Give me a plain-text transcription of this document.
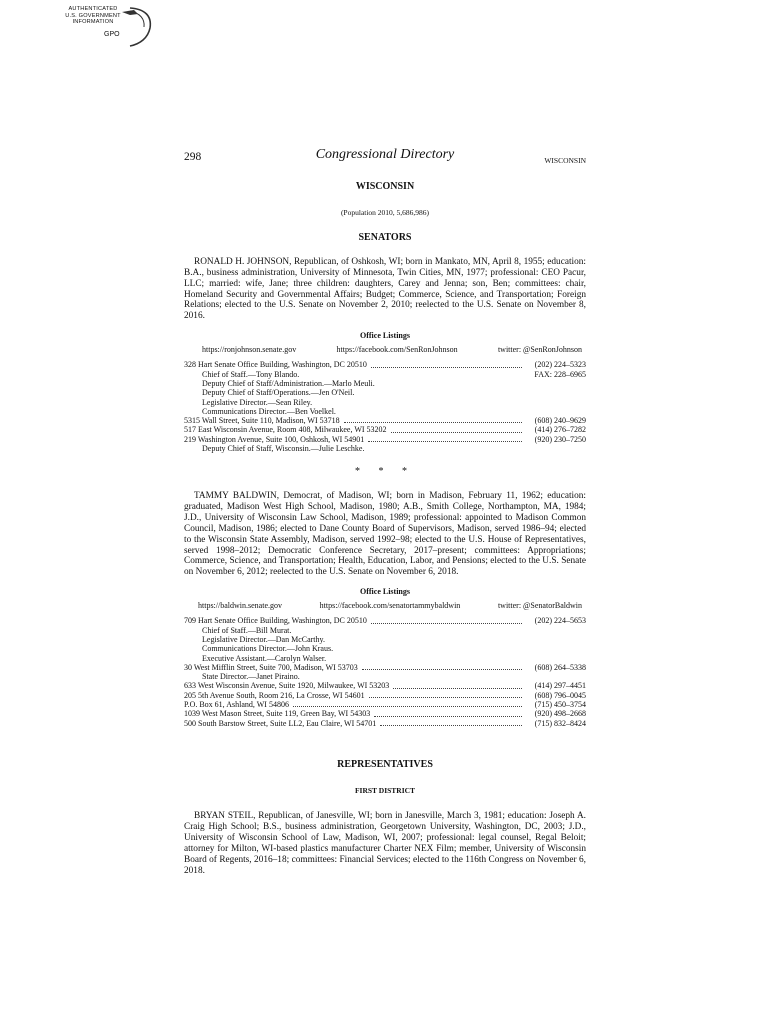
AUTHENTICATED
U.S. GOVERNMENT
INFORMATION
GPO
298	Congressional Directory	WISCONSIN
WISCONSIN
(Population 2010, 5,686,986)
SENATORS
RONALD H. JOHNSON, Republican, of Oshkosh, WI; born in Mankato, MN, April 8, 1955; education: B.A., business administration, University of Minnesota, Twin Cities, MN, 1977; professional: CEO Pacur, LLC; married: wife, Jane; three children: daughters, Carey and Jenna; son, Ben; committees: chair, Homeland Security and Governmental Affairs; Budget; Commerce, Science, and Transportation; Foreign Relations; elected to the U.S. Senate on November 2, 2010; reelected to the U.S. Senate on November 8, 2016.
Office Listings
https://ronjohnson.senate.gov	https://facebook.com/SenRonJohnson	twitter: @SenRonJohnson
328 Hart Senate Office Building, Washington, DC 20510	(202) 224–5323
Chief of Staff.—Tony Blando.	FAX: 228–6965
Deputy Chief of Staff/Administration.—Marlo Meuli.
Deputy Chief of Staff/Operations.—Jen O'Neil.
Legislative Director.—Sean Riley.
Communications Director.—Ben Voelkel.
5315 Wall Street, Suite 110, Madison, WI 53718	(608) 240–9629
517 East Wisconsin Avenue, Room 408, Milwaukee, WI 53202	(414) 276–7282
219 Washington Avenue, Suite 100, Oshkosh, WI 54901	(920) 230–7250
Deputy Chief of Staff, Wisconsin.—Julie Leschke.
* * *
TAMMY BALDWIN, Democrat, of Madison, WI; born in Madison, February 11, 1962; education: graduated, Madison West High School, Madison, 1980; A.B., Smith College, Northampton, MA, 1984; J.D., University of Wisconsin Law School, Madison, 1989; professional: appointed to Madison Common Council, Madison, 1986; elected to Dane County Board of Supervisors, Madison, served 1986–94; elected to the Wisconsin State Assembly, Madison, served 1992–98; elected to the U.S. House of Representatives, served 1998–2012; Democratic Conference Secretary, 2017–present; committees: Appropriations; Commerce, Science, and Transportation; Health, Education, Labor, and Pensions; elected to the U.S. Senate on November 6, 2012; reelected to the U.S. Senate on November 6, 2018.
Office Listings
https://baldwin.senate.gov	https://facebook.com/senatortammybaldwin	twitter: @SenatorBaldwin
709 Hart Senate Office Building, Washington, DC 20510	(202) 224–5653
Chief of Staff.—Bill Murat.
Legislative Director.—Dan McCarthy.
Communications Director.—John Kraus.
Executive Assistant.—Carolyn Walser.
30 West Mifflin Street, Suite 700, Madison, WI 53703	(608) 264–5338
State Director.—Janet Piraino.
633 West Wisconsin Avenue, Suite 1920, Milwaukee, WI 53203	(414) 297–4451
205 5th Avenue South, Room 216, La Crosse, WI 54601	(608) 796–0045
P.O. Box 61, Ashland, WI 54806	(715) 450–3754
1039 West Mason Street, Suite 119, Green Bay, WI 54303	(920) 498–2668
500 South Barstow Street, Suite LL2, Eau Claire, WI 54701	(715) 832–8424
REPRESENTATIVES
FIRST DISTRICT
BRYAN STEIL, Republican, of Janesville, WI; born in Janesville, March 3, 1981; education: Joseph A. Craig High School; B.S., business administration, Georgetown University, Washington, DC, 2003; J.D., University of Wisconsin School of Law, Madison, WI, 2007; professional: legal counsel, Regal Beloit; attorney for Milton, WI-based plastics manufacturer Charter NEX Film; member, University of Wisconsin Board of Regents, 2016–18; committees: Financial Services; elected to the 116th Congress on November 6, 2018.
